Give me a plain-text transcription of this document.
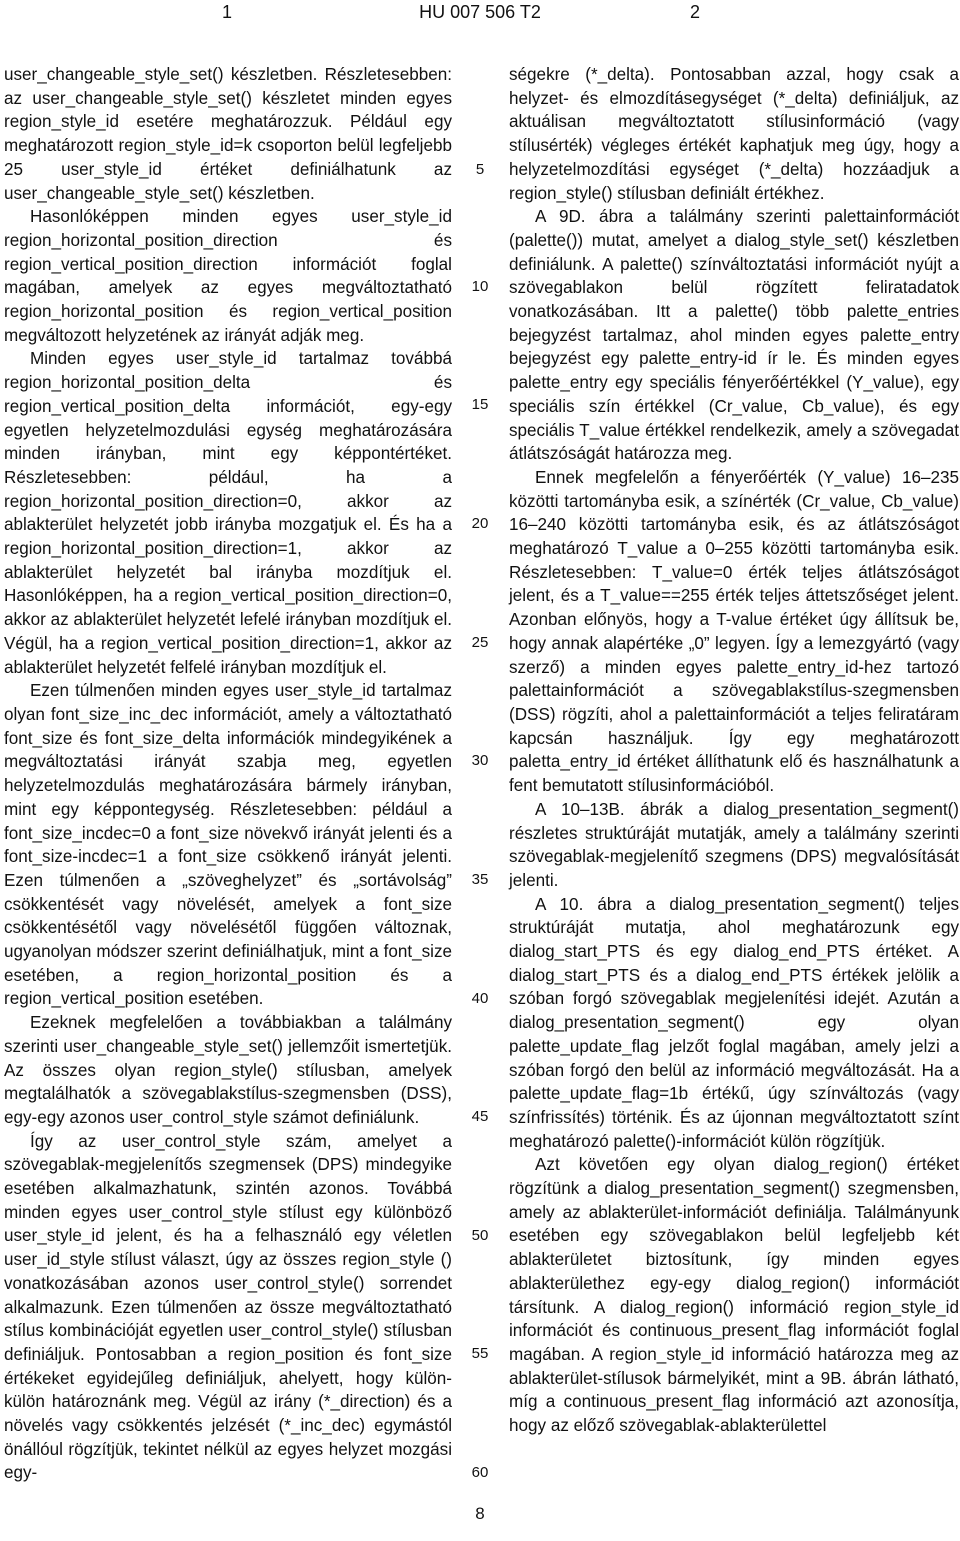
1	HU 007 506 T2	2

user_changeable_style_set() készletben. Részletesebben: az user_changeable_style_set() készletet minden egyes region_style_id esetére meghatározzuk. Például egy meghatározott region_style_id=k csoporton belül legfeljebb 25 user_style_id értéket definiálhatunk az user_changeable_style_set() készletben.

Hasonlóképpen minden egyes user_style_id region_horizontal_position_direction és region_vertical_position_direction információt foglal magában, amelyek az egyes megváltoztatható region_horizontal_position és region_vertical_position megváltozott helyzetének az irányát adják meg.

Minden egyes user_style_id tartalmaz továbbá region_horizontal_position_delta és region_vertical_position_delta információt, egy-egy egyetlen helyzetelmozdulási egység meghatározására minden irányban, mint egy képpontértéket. Részletesebben: például, ha a region_horizontal_position_direction=0, akkor az ablakterület helyzetét jobb irányba mozgatjuk el. És ha a region_horizontal_position_direction=1, akkor az ablakterület helyzetét bal irányba mozdítjuk el. Hasonlóképpen, ha a region_vertical_position_direction=0, akkor az ablakterület helyzetét lefelé irányban mozdítjuk el. Végül, ha a region_vertical_position_direction=1, akkor az ablakterület helyzetét felfelé irányban mozdítjuk el.

Ezen túlmenően minden egyes user_style_id tartalmaz olyan font_size_inc_dec információt, amely a változtatható font_size és font_size_delta információk mindegyikének a megváltoztatási irányát szabja meg, egyetlen helyzetelmozdulás meghatározására bármely irányban, mint egy képpontegység. Részletesebben: például a font_size_incdec=0 a font_size növekvő irányát jelenti és a font_size-incdec=1 a font_size csökkenő irányát jelenti. Ezen túlmenően a „szöveghelyzet” és „sortávolság” csökkentését vagy növelését, amelyek a font_size csökkentésétől vagy növelésétől függően változnak, ugyanolyan módszer szerint definiálhatjuk, mint a font_size esetében, a region_horizontal_position és a region_vertical_position esetében.

Ezeknek megfelelően a továbbiakban a találmány szerinti user_changeable_style_set() jellemzőit ismertetjük. Az összes olyan region_style() stílusban, amelyek megtalálhatók a szövegablakstílus-szegmensben (DSS), egy-egy azonos user_control_style számot definiálunk.

Így az user_control_style szám, amelyet a szövegablak-megjelenítős szegmensek (DPS) mindegyike esetében alkalmazhatunk, szintén azonos. Továbbá minden egyes user_control_style stílust egy különböző user_style_id jelent, és ha a felhasználó egy véletlen user_id_style stílust választ, úgy az összes region_style () vonatkozásában azonos user_control_style() sorrendet alkalmazunk. Ezen túlmenően az össze megváltoztatható stílus kombinációját egyetlen user_control_style() stílusban definiáljuk. Pontosabban a region_position és font_size értékeket egyidejűleg definiáljuk, ahelyett, hogy külön-külön határoznánk meg. Végül az irány (*_direction) és a növelés vagy csökkentés jelzését (*_inc_dec) egymástól önállóul rögzítjük, tekintet nélkül az egyes helyzet mozgási egy-

ségekre (*_delta). Pontosabban azzal, hogy csak a helyzet- és elmozdításegységet (*_delta) definiáljuk, az aktuálisan megváltoztatott stílusinformáció (vagy stílusérték) végleges értékét kaphatjuk meg úgy, hogy a helyzetelmozdítási egységet (*_delta) hozzáadjuk a region_style() stílusban definiált értékhez.

A 9D. ábra a találmány szerinti palettainformációt (palette()) mutat, amelyet a dialog_style_set() készletben definiálunk. A palette() színváltoztatási információt nyújt a szövegablakon belül rögzített feliratadatok vonatkozásában. Itt a palette() több palette_entries bejegyzést tartalmaz, ahol minden egyes palette_entry bejegyzést egy palette_entry-id ír le. És minden egyes palette_entry egy speciális fényerőértékkel (Y_value), egy speciális szín értékkel (Cr_value, Cb_value), és egy speciális T_value értékkel rendelkezik, amely a szövegadat átlátszóságát határozza meg.

Ennek megfelelőn a fényerőérték (Y_value) 16–235 közötti tartományba esik, a színérték (Cr_value, Cb_value) 16–240 közötti tartományba esik, és az átlátszóságot meghatározó T_value a 0–255 közötti tartományba esik. Részletesebben: T_value=0 érték teljes átlátszóságot jelent, és a T_value==255 érték teljes áttetszőséget jelent. Azonban előnyös, hogy a T-value értéket úgy állítsuk be, hogy annak alapértéke „0” legyen. Így a lemezgyártó (vagy szerző) a minden egyes palette_entry_id-hez tartozó palettainformációt a szövegablakstílus-szegmensben (DSS) rögzíti, ahol a palettainformációt a teljes feliratáram kapcsán használjuk. Így egy meghatározott paletta_entry_id értéket állíthatunk elő és használhatunk a fent bemutatott stílusinformációból.

A 10–13B. ábrák a dialog_presentation_segment() részletes struktúráját mutatják, amely a találmány szerinti szövegablak-megjelenítő szegmens (DPS) megvalósítását jelenti.

A 10. ábra a dialog_presentation_segment() teljes struktúráját mutatja, ahol meghatározunk egy dialog_start_PTS és egy dialog_end_PTS értéket. A dialog_start_PTS és a dialog_end_PTS értékek jelölik a szóban forgó szövegablak megjelenítési idejét. Azután a dialog_presentation_segment() egy olyan palette_update_flag jelzőt foglal magában, amely jelzi a szóban forgó den belül az információ megváltozását. Ha a palette_update_flag=1b értékű, úgy színváltozás (vagy színfrissítés) történik. És az újonnan megváltoztatott színt meghatározó palette()-információt külön rögzítjük.

Azt követően egy olyan dialog_region() értéket rögzítünk a dialog_presentation_segment() szegmensben, amely az ablakterület-információt definiálja. Találmányunk esetében egy szövegablakon belül legfeljebb két ablakterületet biztosítunk, így minden egyes ablakterülethez egy-egy dialog_region() információt társítunk. A dialog_region() információ region_style_id információt és continuous_present_flag információt foglal magában. A region_style_id információ határozza meg az ablakterület-stílusok bármelyikét, mint a 9B. ábrán látható, míg a continuous_present_flag információ azt azonosítja, hogy az előző szövegablak-ablakterülettel

5
10
15
20
25
30
35
40
45
50
55
60
8
